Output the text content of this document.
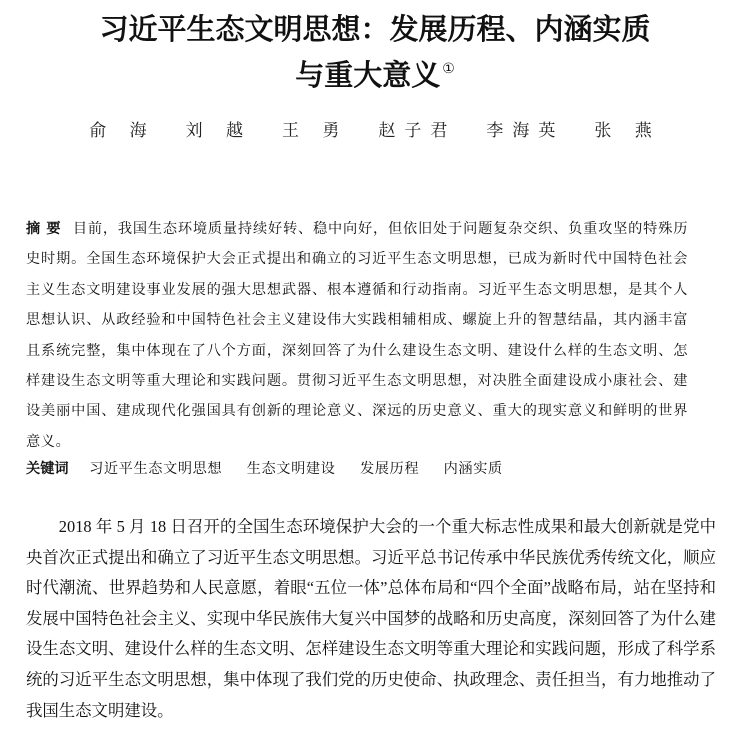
习近平生态文明思想：发展历程、内涵实质
与重大意义 ①
俞 海 刘 越 王 勇 赵子君 李海英 张 燕
摘要 目前，我国生态环境质量持续好转、稳中向好，但依旧处于问题复杂交织、负重攻坚的特殊历史时期。全国生态环境保护大会正式提出和确立的习近平生态文明思想，已成为新时代中国特色社会主义生态文明建设事业发展的强大思想武器、根本遵循和行动指南。习近平生态文明思想，是其个人思想认识、从政经验和中国特色社会主义建设伟大实践相辅相成、螺旋上升的智慧结晶，其内涵丰富且系统完整，集中体现在了八个方面，深刻回答了为什么建设生态文明、建设什么样的生态文明、怎样建设生态文明等重大理论和实践问题。贯彻习近平生态文明思想，对决胜全面建设成小康社会、建设美丽中国、建成现代化强国具有创新的理论意义、深远的历史意义、重大的现实意义和鲜明的世界意义。
关键词 习近平生态文明思想 生态文明建设 发展历程 内涵实质

2018 年 5 月 18 日召开的全国生态环境保护大会的一个重大标志性成果和最大创新就是党中央首次正式提出和确立了习近平生态文明思想。习近平总书记传承中华民族优秀传统文化，顺应时代潮流、世界趋势和人民意愿，着眼“五位一体”总体布局和“四个全面”战略布局，站在坚持和发展中国特色社会主义、实现中华民族伟大复兴中国梦的战略和历史高度，深刻回答了为什么建设生态文明、建设什么样的生态文明、怎样建设生态文明等重大理论和实践问题，形成了科学系统的习近平生态文明思想，集中体现了我们党的历史使命、执政理念、责任担当，有力地推动了我国生态文明建设。
